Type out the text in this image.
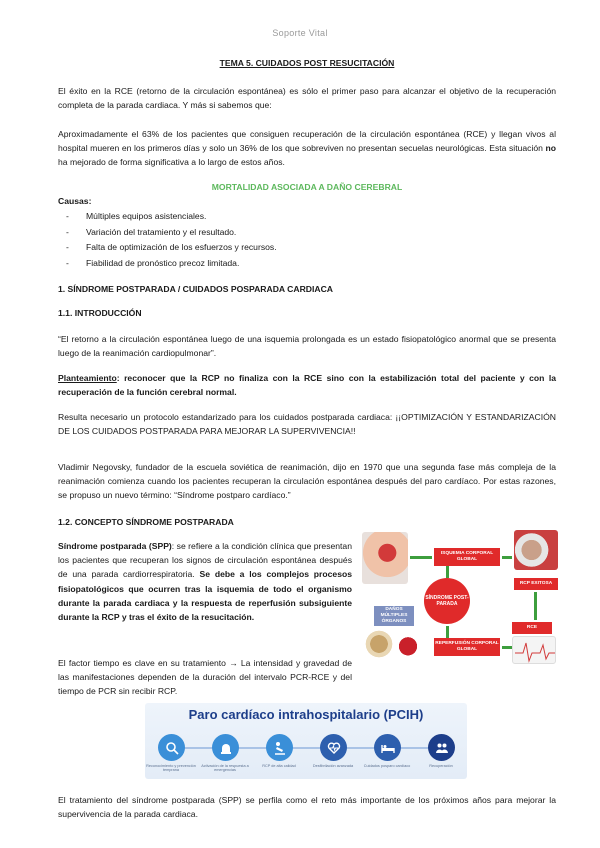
Soporte Vital
TEMA 5. CUIDADOS POST RESUCITACIÓN

El éxito en la RCE (retorno de la circulación espontánea) es sólo el primer paso para alcanzar el objetivo de la recuperación completa de la parada cardiaca. Y más si sabemos que:

Aproximadamente el 63% de los pacientes que consiguen recuperación de la circulación espontánea (RCE) y llegan vivos al hospital mueren en los primeros días y solo un 36% de los que sobreviven no presentan secuelas neurológicas. Esta situación no ha mejorado de forma significativa a lo largo de estos años.

MORTALIDAD ASOCIADA A DAÑO CEREBRAL
Causas:
- Múltiples equipos asistenciales.
- Variación del tratamiento y el resultado.
- Falta de optimización de los esfuerzos y recursos.
- Fiabilidad de pronóstico precoz limitada.
1. SÍNDROME POSTPARADA / CUIDADOS POSPARADA CARDIACA
1.1. INTRODUCCIÓN

“El retorno a la circulación espontánea luego de una isquemia prolongada es un estado fisiopatológico anormal que se presenta luego de la reanimación cardiopulmonar”.

Planteamiento: reconocer que la RCP no finaliza con la RCE sino con la estabilización total del paciente y con la recuperación de la función cerebral normal.

Resulta necesario un protocolo estandarizado para los cuidados postparada cardiaca: ¡¡OPTIMIZACIÓN Y ESTANDARIZACIÓN DE LOS CUIDADOS POSTPARADA PARA MEJORAR LA SUPERVIVENCIA!!

Vladimir Negovsky, fundador de la escuela soviética de reanimación, dijo en 1970 que una segunda fase más compleja de la reanimación comienza cuando los pacientes recuperan la circulación espontánea después del paro cardíaco. Por estas razones, se propuso un nuevo término: “Síndrome postparo cardíaco.”

1.2. CONCEPTO SÍNDROME POSTPARADA

Síndrome postparada (SPP): se refiere a la condición clínica que presentan los pacientes que recuperan los signos de circulación espontánea después de una parada cardiorrespiratoria. Se debe a los complejos procesos fisiopatológicos que ocurren tras la isquemia de todo el organismo durante la parada cardiaca y la respuesta de reperfusión subsiguiente durante la RCP y tras el éxito de la resucitación.

El factor tiempo es clave en su tratamiento → La intensidad y gravedad de las manifestaciones dependen de la duración del intervalo PCR-RCE y del tiempo de PCR sin recibir RCP.

ISQUEMIA CORPORAL GLOBAL
RCP EXITOSA
SÍNDROME POST-PARADA
DAÑOS MÚLTIPLES ÓRGANOS
REPERFUSIÓN CORPORAL GLOBAL
RCE
Paro cardíaco intrahospitalario (PCIH)
Reconocimiento y prevención temprana
Activación de la respuesta a emergencias
RCP de alta calidad	Desfibrilación avanzada	Cuidados posparo cardíaco	Recuperación

El tratamiento del síndrome postparada (SPP) se perfila como el reto más importante de los próximos años para mejorar la supervivencia de la parada cardiaca.
